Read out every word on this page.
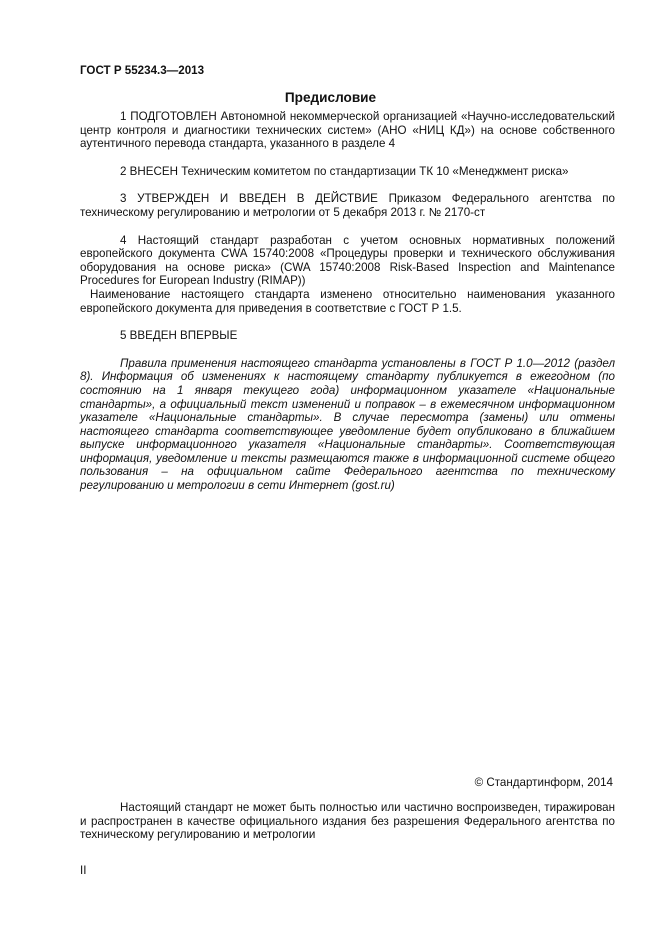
ГОСТ Р 55234.3—2013
Предисловие

1 ПОДГОТОВЛЕН Автономной некоммерческой организацией «Научно-исследовательский центр контроля и диагностики технических систем» (АНО «НИЦ КД») на основе собственного аутентичного перевода стандарта, указанного в разделе 4

2 ВНЕСЕН Техническим комитетом по стандартизации ТК 10 «Менеджмент риска»

3 УТВЕРЖДЕН И ВВЕДЕН В ДЕЙСТВИЕ Приказом Федерального агентства по техническому регулированию и метрологии от 5 декабря 2013 г. № 2170-ст

4 Настоящий стандарт разработан с учетом основных нормативных положений европейского документа CWA 15740:2008 «Процедуры проверки и технического обслуживания оборудования на основе риска» (CWA 15740:2008 Risk-Based Inspection and Maintenance Procedures for European Industry (RIMAP))

Наименование настоящего стандарта изменено относительно наименования указанного европейского документа для приведения в соответствие с ГОСТ Р 1.5.

5 ВВЕДЕН ВПЕРВЫЕ

Правила применения настоящего стандарта установлены в ГОСТ Р 1.0—2012 (раздел 8). Информация об изменениях к настоящему стандарту публикуется в ежегодном (по состоянию на 1 января текущего года) информационном указателе «Национальные стандарты», а официальный текст изменений и поправок – в ежемесячном информационном указателе «Национальные стандарты». В случае пересмотра (замены) или отмены настоящего стандарта соответствующее уведомление будет опубликовано в ближайшем выпуске информационного указателя «Национальные стандарты». Соответствующая информация, уведомление и тексты размещаются также в информационной системе общего пользования – на официальном сайте Федерального агентства по техническому регулированию и метрологии в сети Интернет (gost.ru)

© Стандартинформ, 2014

Настоящий стандарт не может быть полностью или частично воспроизведен, тиражирован и распространен в качестве официального издания без разрешения Федерального агентства по техническому регулированию и метрологии

II
